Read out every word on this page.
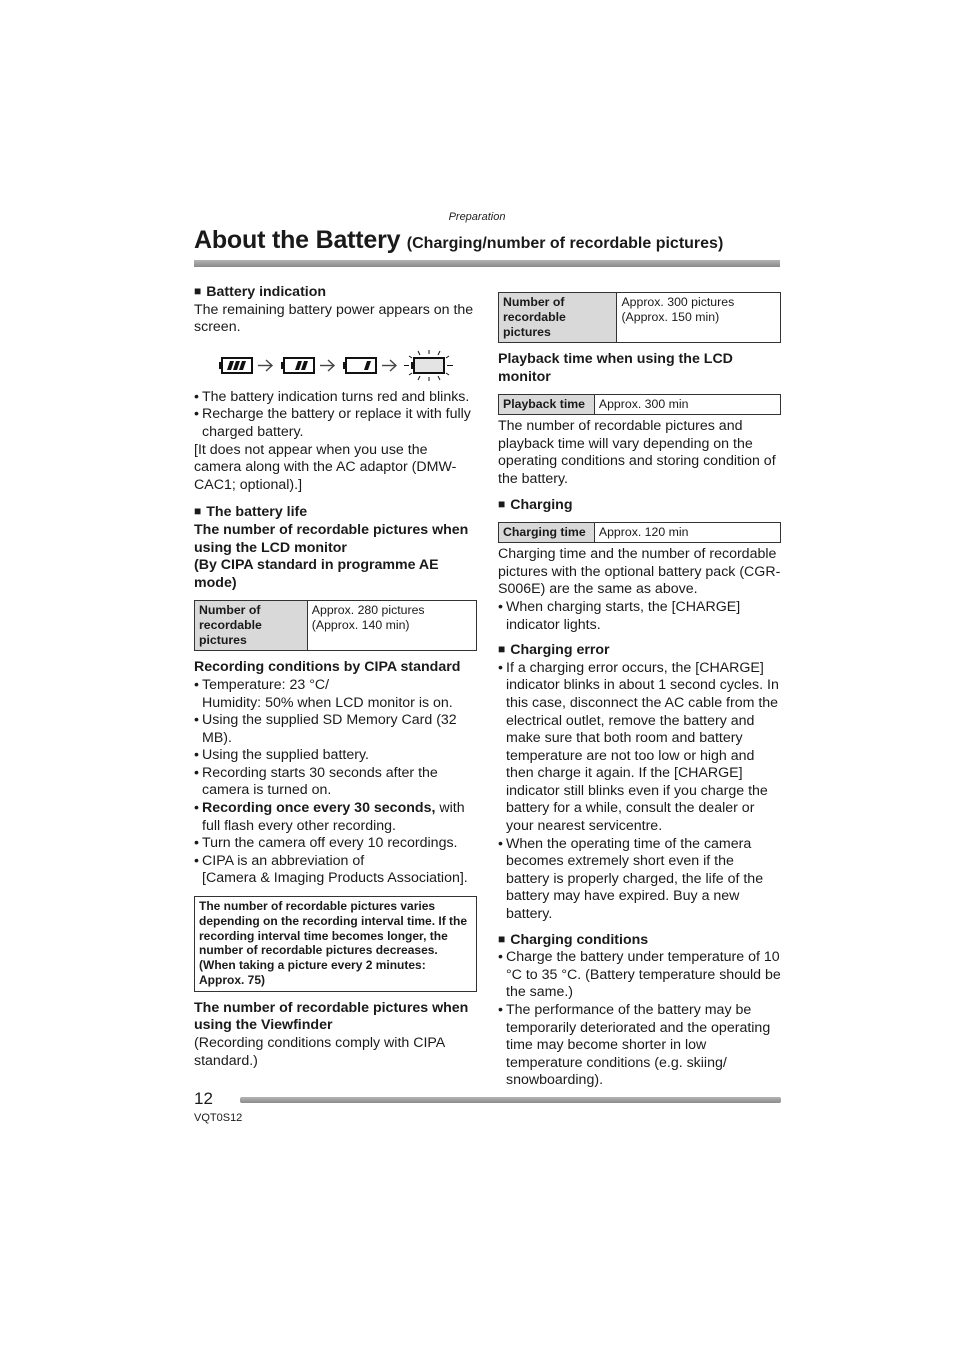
Preparation
About the Battery (Charging/number of recordable pictures)

■ Battery indication

The remaining battery power appears on the screen.

• The battery indication turns red and blinks.
• Recharge the battery or replace it with fully charged battery.

[It does not appear when you use the camera along with the AC adaptor (DMW-CAC1; optional).]

■ The battery life

The number of recordable pictures when using the LCD monitor

(By CIPA standard in programme AE mode)

Number of recordable pictures	Approx. 280 pictures
(Approx. 140 min)

Recording conditions by CIPA standard

• Temperature: 23 °C/
Humidity: 50% when LCD monitor is on.
• Using the supplied SD Memory Card (32 MB).
• Using the supplied battery.
• Recording starts 30 seconds after the camera is turned on.
• Recording once every 30 seconds, with full flash every other recording.
• Turn the camera off every 10 recordings.
• CIPA is an abbreviation of
[Camera & Imaging Products Association].
The number of recordable pictures varies depending on the recording interval time. If the recording interval time becomes longer, the number of recordable pictures decreases.
(When taking a picture every 2 minutes: Approx. 75)

The number of recordable pictures when using the Viewfinder

(Recording conditions comply with CIPA standard.)

Number of recordable pictures	Approx. 300 pictures
(Approx. 150 min)

Playback time when using the LCD monitor

Playback time	Approx. 300 min

The number of recordable pictures and playback time will vary depending on the operating conditions and storing condition of the battery.

■ Charging

Charging time	Approx. 120 min

Charging time and the number of recordable pictures with the optional battery pack (CGR-S006E) are the same as above.

• When charging starts, the [CHARGE] indicator lights.

■ Charging error

• If a charging error occurs, the [CHARGE] indicator blinks in about 1 second cycles. In this case, disconnect the AC cable from the electrical outlet, remove the battery and make sure that both room and battery temperature are not too low or high and then charge it again. If the [CHARGE] indicator still blinks even if you charge the battery for a while, consult the dealer or your nearest servicentre.
• When the operating time of the camera becomes extremely short even if the battery is properly charged, the life of the battery may have expired. Buy a new battery.

■ Charging conditions

• Charge the battery under temperature of 10 °C to 35 °C. (Battery temperature should be the same.)
• The performance of the battery may be temporarily deteriorated and the operating time may become shorter in low temperature conditions (e.g. skiing/ snowboarding).
12
VQT0S12
